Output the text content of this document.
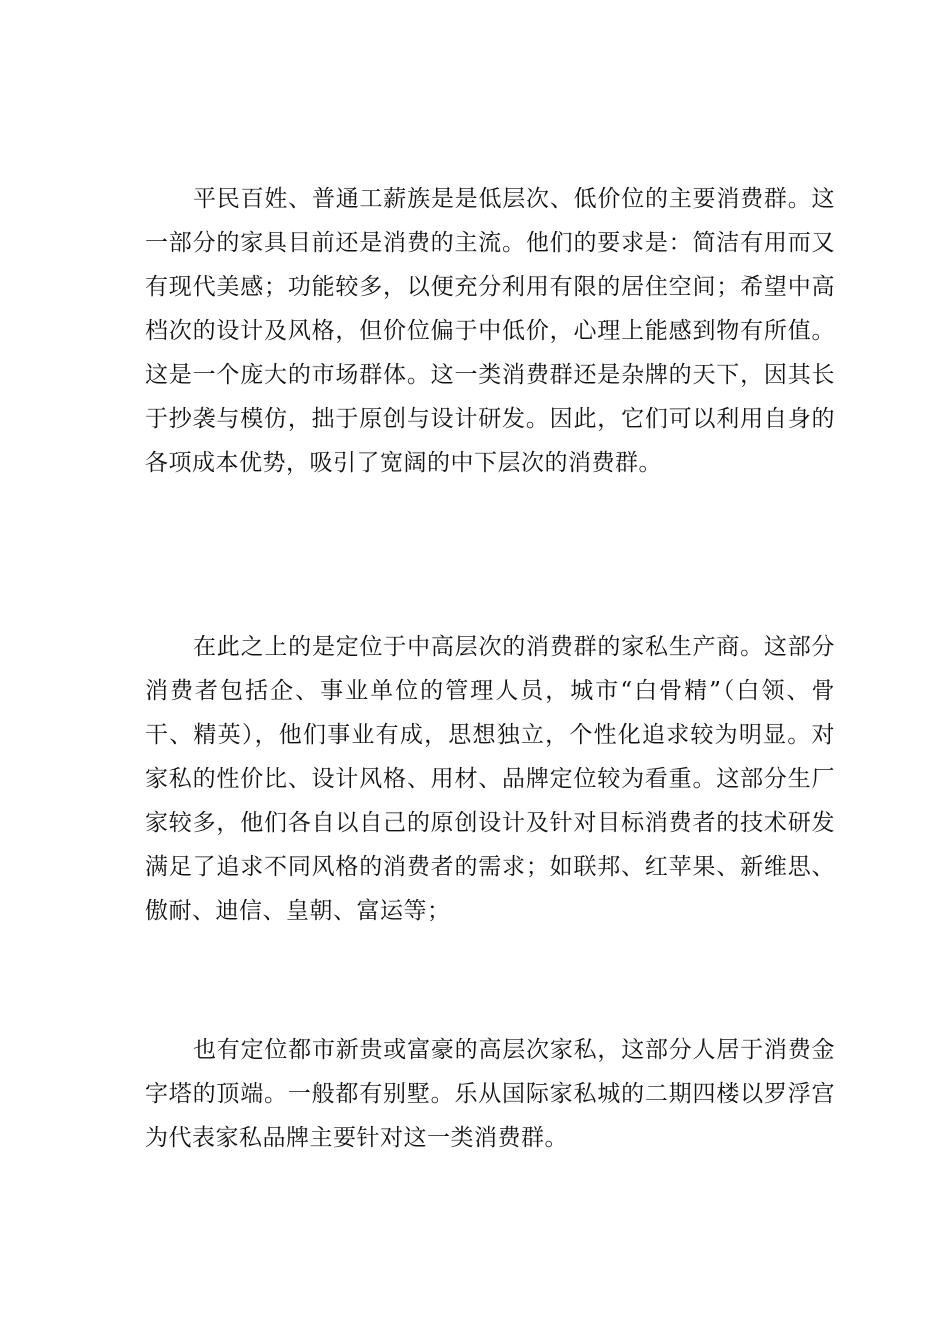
平民百姓、普通工薪族是是低层次、低价位的主要消费群。这一部分的家具目前还是消费的主流。他们的要求是：简洁有用而又有现代美感；功能较多，以便充分利用有限的居住空间；希望中高档次的设计及风格，但价位偏于中低价，心理上能感到物有所值。这是一个庞大的市场群体。这一类消费群还是杂牌的天下，因其长于抄袭与模仿，拙于原创与设计研发。因此，它们可以利用自身的各项成本优势，吸引了宽阔的中下层次的消费群。

在此之上的是定位于中高层次的消费群的家私生产商。这部分消费者包括企、事业单位的管理人员，城市“白骨精”（白领、骨干、精英），他们事业有成，思想独立，个性化追求较为明显。对家私的性价比、设计风格、用材、品牌定位较为看重。这部分生厂家较多，他们各自以自己的原创设计及针对目标消费者的技术研发满足了追求不同风格的消费者的需求；如联邦、红苹果、新维思、傲耐、迪信、皇朝、富运等；

也有定位都市新贵或富豪的高层次家私，这部分人居于消费金字塔的顶端。一般都有别墅。乐从国际家私城的二期四楼以罗浮宫为代表家私品牌主要针对这一类消费群。
